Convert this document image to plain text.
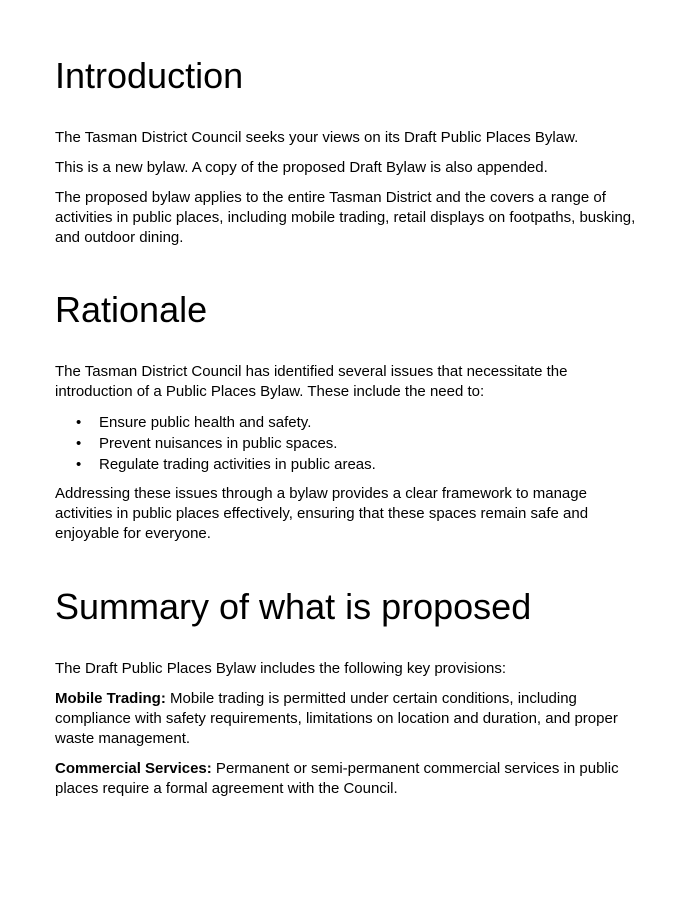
Introduction

The Tasman District Council seeks your views on its Draft Public Places Bylaw.

This is a new bylaw. A copy of the proposed Draft Bylaw is also appended.

The proposed bylaw applies to the entire Tasman District and the covers a range of activities in public places, including mobile trading, retail displays on footpaths, busking, and outdoor dining.

Rationale

The Tasman District Council has identified several issues that necessitate the introduction of a Public Places Bylaw. These include the need to:

• Ensure public health and safety.
• Prevent nuisances in public spaces.
• Regulate trading activities in public areas.

Addressing these issues through a bylaw provides a clear framework to manage activities in public places effectively, ensuring that these spaces remain safe and enjoyable for everyone.

Summary of what is proposed

The Draft Public Places Bylaw includes the following key provisions:

Mobile Trading: Mobile trading is permitted under certain conditions, including compliance with safety requirements, limitations on location and duration, and proper waste management.

Commercial Services: Permanent or semi-permanent commercial services in public places require a formal agreement with the Council.
